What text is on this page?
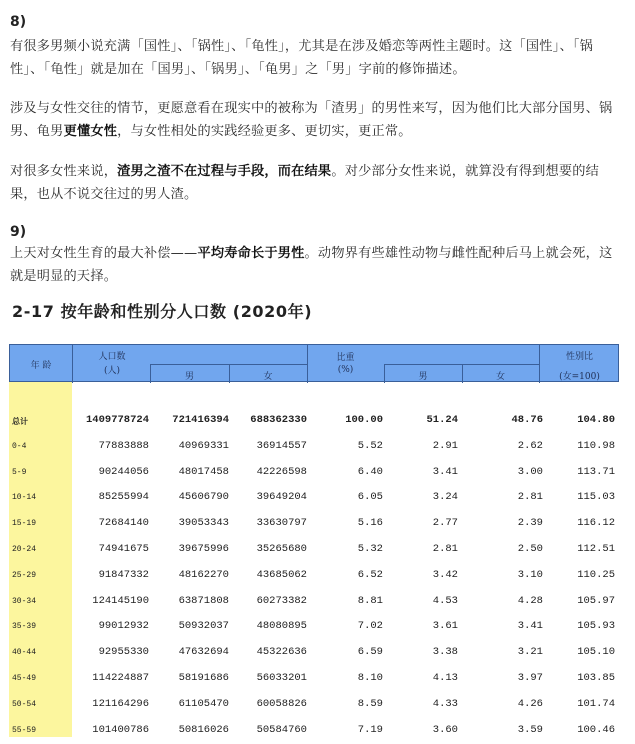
8)
有很多男频小说充满「国性」、「锅性」、「龟性」，尤其是在涉及婚恋等两性主题时。这「国性」、「锅性」、「龟性」就是加在「国男」、「锅男」、「龟男」之「男」字前的修饰描述。
涉及与女性交往的情节，更愿意看在现实中的被称为「渣男」的男性来写，因为他们比大部分国男、锅男、龟男更懂女性，与女性相处的实践经验更多、更切实，更正常。
对很多女性来说，渣男之渣不在过程与手段，而在结果。对少部分女性来说，就算没有得到想要的结果，也从不说交往过的男人渣。
9)
上天对女性生育的最大补偿——平均寿命长于男性。动物界有些雄性动物与雌性配种后马上就会死，这就是明显的天择。
2-17 按年龄和性别分人口数 (2020年)
年 龄
人口数
(人)
男	女
比重
(%)
男	女
性别比
(女=100)
总计	1409778724 721416394 688362330	100.00	51.24	48.76	104.80
0-4	77883888	40969331	36914557	5.52	2.91	2.62	110.98
5-9	90244056	48017458	42226598	6.40	3.41	3.00	113.71
10-14	85255994	45606790	39649204	6.05	3.24	2.81	115.03
15-19	72684140	39053343	33630797	5.16	2.77	2.39	116.12
20-24	74941675	39675996	35265680	5.32	2.81	2.50	112.51
25-29	91847332	48162270	43685062	6.52	3.42	3.10	110.25
30-34	124145190	63871808	60273382	8.81	4.53	4.28	105.97
35-39	99012932	50932037	48080895	7.02	3.61	3.41	105.93
40-44	92955330	47632694	45322636	6.59	3.38	3.21	105.10
45-49	114224887	58191686	56033201	8.10	4.13	3.97	103.85
50-54	121164296	61105470	60058826	8.59	4.33	4.26	101.74
55-59	101400786	50816026	50584760	7.19	3.60	3.59	100.46
